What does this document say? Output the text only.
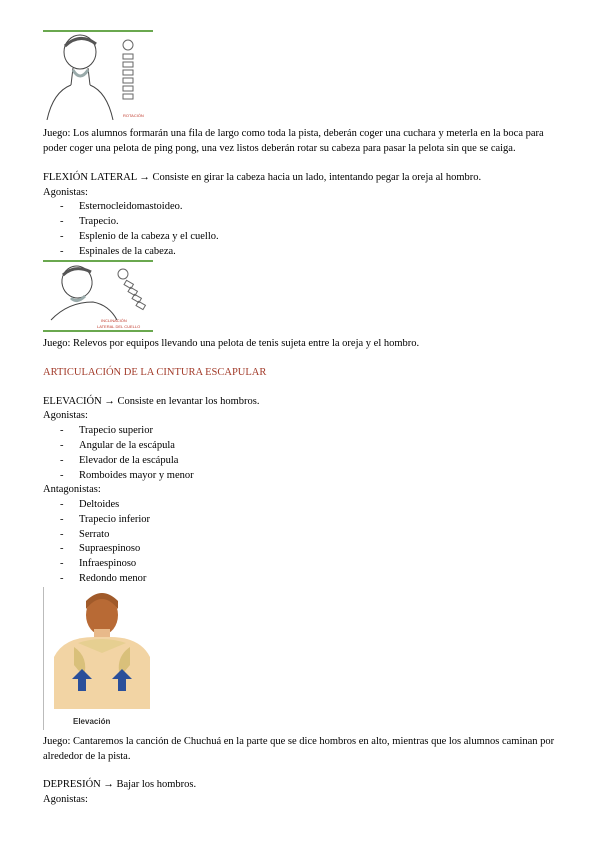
ROTACIÓN
Juego: Los alumnos formarán una fila de largo como toda la pista, deberán coger una cuchara y meterla en la boca para poder coger una pelota de ping pong, una vez listos deberán rotar su cabeza para pasar la pelota sin que se caiga.
FLEXIÓN LATERAL → Consiste en girar la cabeza hacia un lado, intentando pegar la oreja al hombro.
Agonistas:
- Esternocleidomastoideo.
- Trapecio.
- Esplenio de la cabeza y el cuello.
- Espinales de la cabeza.
INCLINACIÓN
LATERAL DEL CUELLO
Juego: Relevos por equipos llevando una pelota de tenis sujeta entre la oreja y el hombro.
ARTICULACIÓN DE LA CINTURA ESCAPULAR
ELEVACIÓN → Consiste en levantar los hombros.
Agonistas:
- Trapecio superior
- Angular de la escápula
- Elevador de la escápula
- Romboides mayor y menor
Antagonistas:
- Deltoides
- Trapecio inferior
- Serrato
- Supraespinoso
- Infraespinoso
- Redondo menor
Elevación
Juego: Cantaremos la canción de Chuchuá en la parte que se dice hombros en alto, mientras que los alumnos caminan por alrededor de la pista.
DEPRESIÓN → Bajar los hombros.
Agonistas:
